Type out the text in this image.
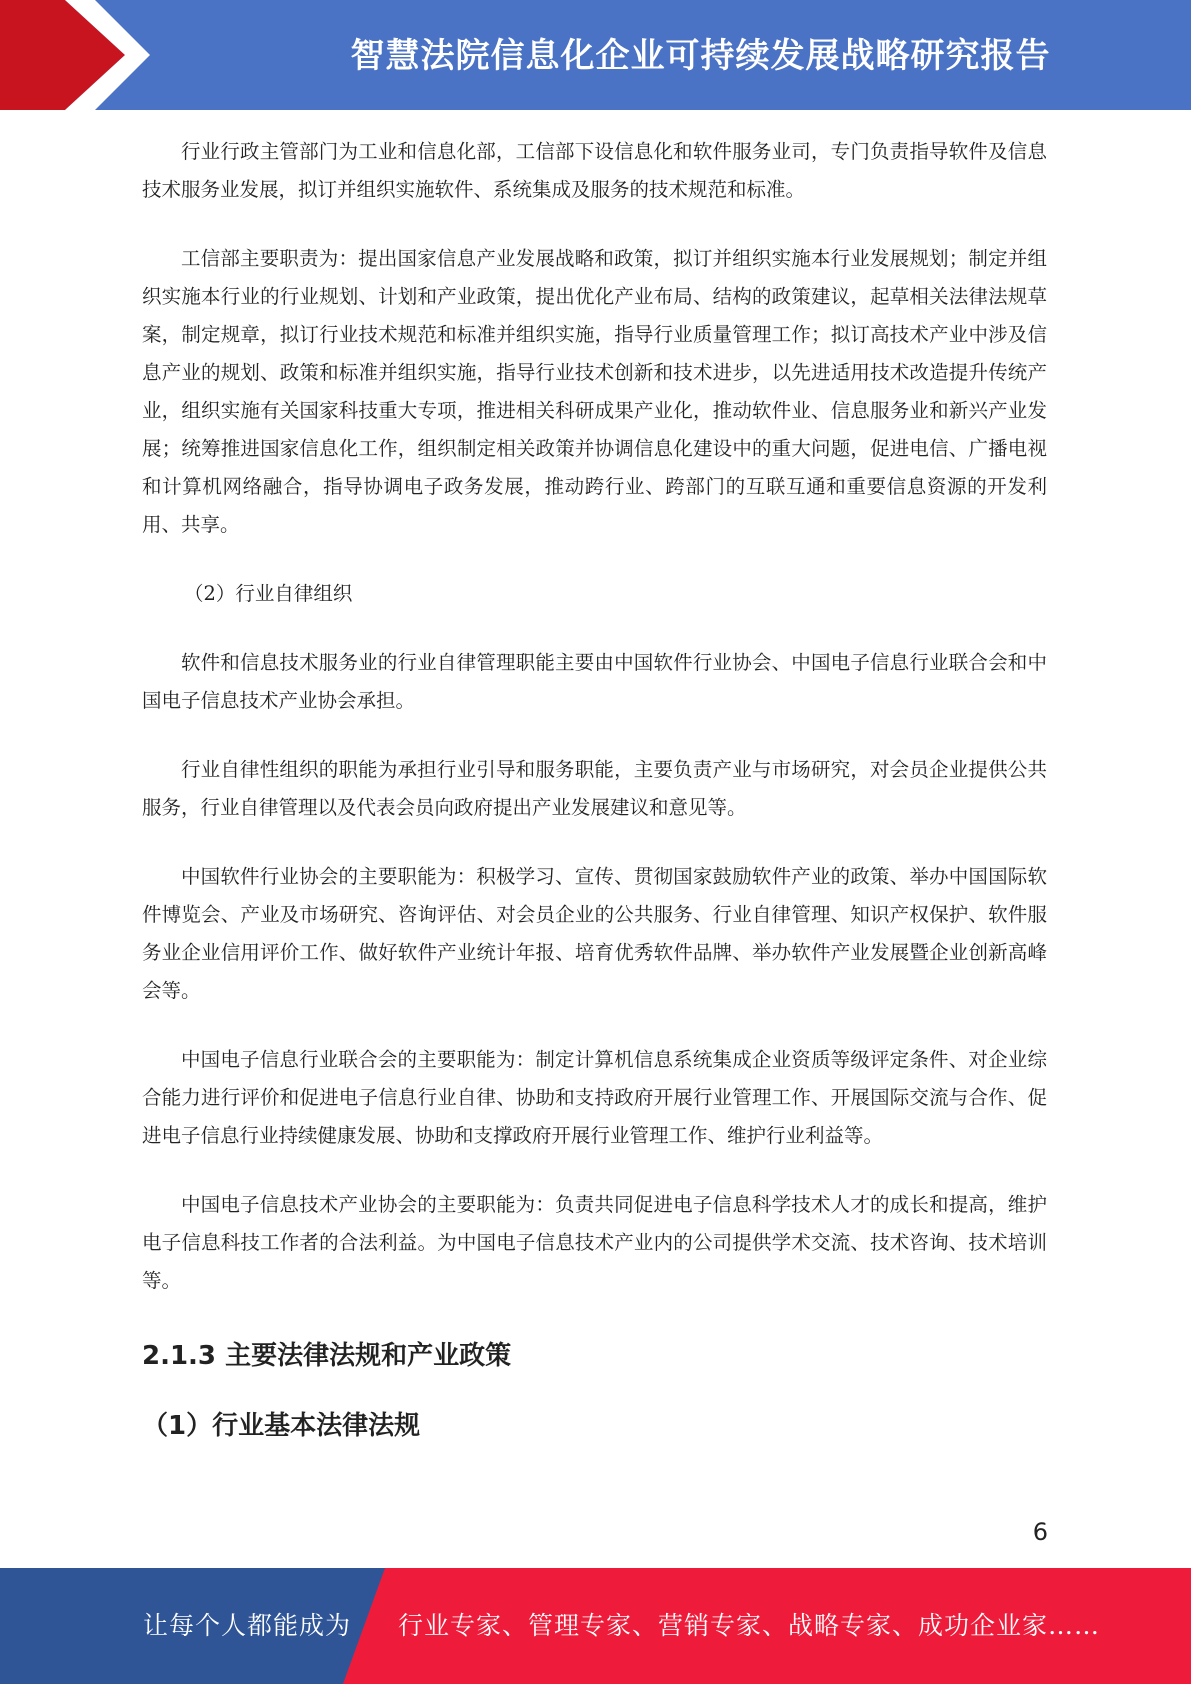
智慧法院信息化企业可持续发展战略研究报告

行业行政主管部门为工业和信息化部，工信部下设信息化和软件服务业司，专门负责指导软件及信息技术服务业发展，拟订并组织实施软件、系统集成及服务的技术规范和标准。

工信部主要职责为：提出国家信息产业发展战略和政策，拟订并组织实施本行业发展规划；制定并组织实施本行业的行业规划、计划和产业政策，提出优化产业布局、结构的政策建议，起草相关法律法规草案，制定规章，拟订行业技术规范和标准并组织实施，指导行业质量管理工作；拟订高技术产业中涉及信息产业的规划、政策和标准并组织实施，指导行业技术创新和技术进步，以先进适用技术改造提升传统产业，组织实施有关国家科技重大专项，推进相关科研成果产业化，推动软件业、信息服务业和新兴产业发展；统筹推进国家信息化工作，组织制定相关政策并协调信息化建设中的重大问题，促进电信、广播电视和计算机网络融合，指导协调电子政务发展，推动跨行业、跨部门的互联互通和重要信息资源的开发利用、共享。

（2）行业自律组织

软件和信息技术服务业的行业自律管理职能主要由中国软件行业协会、中国电子信息行业联合会和中国电子信息技术产业协会承担。

行业自律性组织的职能为承担行业引导和服务职能，主要负责产业与市场研究，对会员企业提供公共服务，行业自律管理以及代表会员向政府提出产业发展建议和意见等。

中国软件行业协会的主要职能为：积极学习、宣传、贯彻国家鼓励软件产业的政策、举办中国国际软件博览会、产业及市场研究、咨询评估、对会员企业的公共服务、行业自律管理、知识产权保护、软件服务业企业信用评价工作、做好软件产业统计年报、培育优秀软件品牌、举办软件产业发展暨企业创新高峰会等。

中国电子信息行业联合会的主要职能为：制定计算机信息系统集成企业资质等级评定条件、对企业综合能力进行评价和促进电子信息行业自律、协助和支持政府开展行业管理工作、开展国际交流与合作、促进电子信息行业持续健康发展、协助和支撑政府开展行业管理工作、维护行业利益等。

中国电子信息技术产业协会的主要职能为：负责共同促进电子信息科学技术人才的成长和提高，维护电子信息科技工作者的合法利益。为中国电子信息技术产业内的公司提供学术交流、技术咨询、技术培训等。

2.1.3 主要法律法规和产业政策
（1）行业基本法律法规
6
让每个人都能成为 行业专家、管理专家、营销专家、战略专家、成功企业家……
